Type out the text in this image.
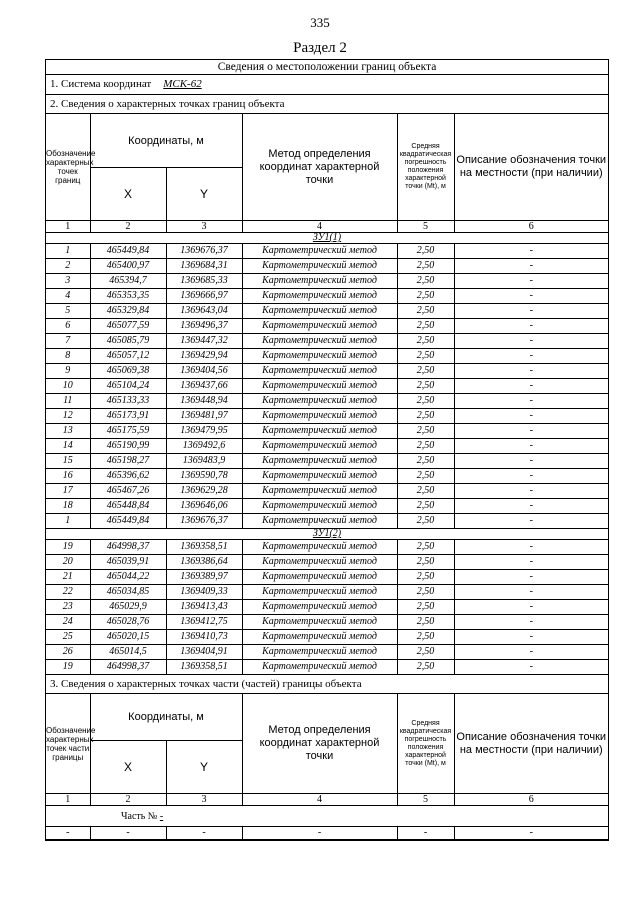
335
Раздел 2
Сведения о местоположении границ объекта
1. Система координат МСК-62
2. Сведения о характерных точках границ объекта
Обозначение характерных точек границ	Координаты, м		Метод определения координат характерной точки	Средняя квадратическая погрешность положения характерной точки (Mt), м	Описание обозначения точки на местности (при наличии)
	X	Y			
1	2	3	4	5	6
ЗУ1(1)					
1	465449,84	1369676,37	Картометрический метод	2,50	-
2	465400,97	1369684,31	Картометрический метод	2,50	-
3	465394,7	1369685,33	Картометрический метод	2,50	-
4	465353,35	1369666,97	Картометрический метод	2,50	-
5	465329,84	1369643,04	Картометрический метод	2,50	-
6	465077,59	1369496,37	Картометрический метод	2,50	-
7	465085,79	1369447,32	Картометрический метод	2,50	-
8	465057,12	1369429,94	Картометрический метод	2,50	-
9	465069,38	1369404,56	Картометрический метод	2,50	-
10	465104,24	1369437,66	Картометрический метод	2,50	-
11	465133,33	1369448,94	Картометрический метод	2,50	-
12	465173,91	1369481,97	Картометрический метод	2,50	-
13	465175,59	1369479,95	Картометрический метод	2,50	-
14	465190,99	1369492,6	Картометрический метод	2,50	-
15	465198,27	1369483,9	Картометрический метод	2,50	-
16	465396,62	1369590,78	Картометрический метод	2,50	-
17	465467,26	1369629,28	Картометрический метод	2,50	-
18	465448,84	1369646,06	Картометрический метод	2,50	-
1	465449,84	1369676,37	Картометрический метод	2,50	-
ЗУ1(2)					
19	464998,37	1369358,51	Картометрический метод	2,50	-
20	465039,91	1369386,64	Картометрический метод	2,50	-
21	465044,22	1369389,97	Картометрический метод	2,50	-
22	465034,85	1369409,33	Картометрический метод	2,50	-
23	465029,9	1369413,43	Картометрический метод	2,50	-
24	465028,76	1369412,75	Картометрический метод	2,50	-
25	465020,15	1369410,73	Картометрический метод	2,50	-
26	465014,5	1369404,91	Картометрический метод	2,50	-
19	464998,37	1369358,51	Картометрический метод	2,50	-
3. Сведения о характерных точках части (частей) границы объекта
Обозначение характерных точек части границы	Координаты, м		Метод определения координат характерной точки	Средняя квадратическая погрешность положения характерной точки (Mt), м	Описание обозначения точки на местности (при наличии)
	X	Y			
1	2	3	4	5	6
Часть № -					
-	-	-	-	-	-
